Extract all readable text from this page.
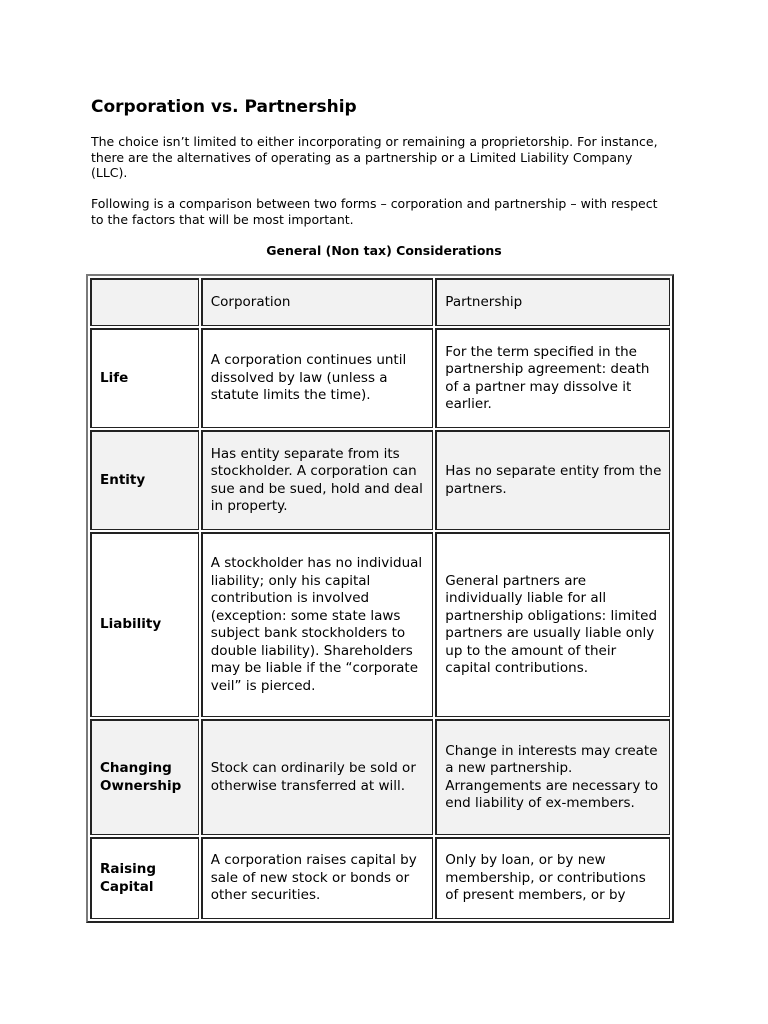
Corporation vs. Partnership

The choice isn’t limited to either incorporating or remaining a proprietorship. For instance, there are the alternatives of operating as a partnership or a Limited Liability Company (LLC).

Following is a comparison between two forms – corporation and partnership – with respect to the factors that will be most important.

General (Non tax) Considerations
	Corporation	Partnership
Life	A corporation continues until dissolved by law (unless a statute limits the time).	For the term specified in the partnership agreement: death of a partner may dissolve it earlier.
Entity	Has entity separate from its stockholder. A corporation can sue and be sued, hold and deal in property.	Has no separate entity from the partners.
Liability	A stockholder has no individual liability; only his capital contribution is involved (exception: some state laws subject bank stockholders to double liability). Shareholders may be liable if the “corporate veil” is pierced.	General partners are individually liable for all partnership obligations: limited partners are usually liable only up to the amount of their capital contributions.
Changing Ownership	Stock can ordinarily be sold or otherwise transferred at will.	Change in interests may create a new partnership. Arrangements are necessary to end liability of ex-members.
Raising Capital	A corporation raises capital by sale of new stock or bonds or other securities.	Only by loan, or by new membership, or contributions of present members, or by
